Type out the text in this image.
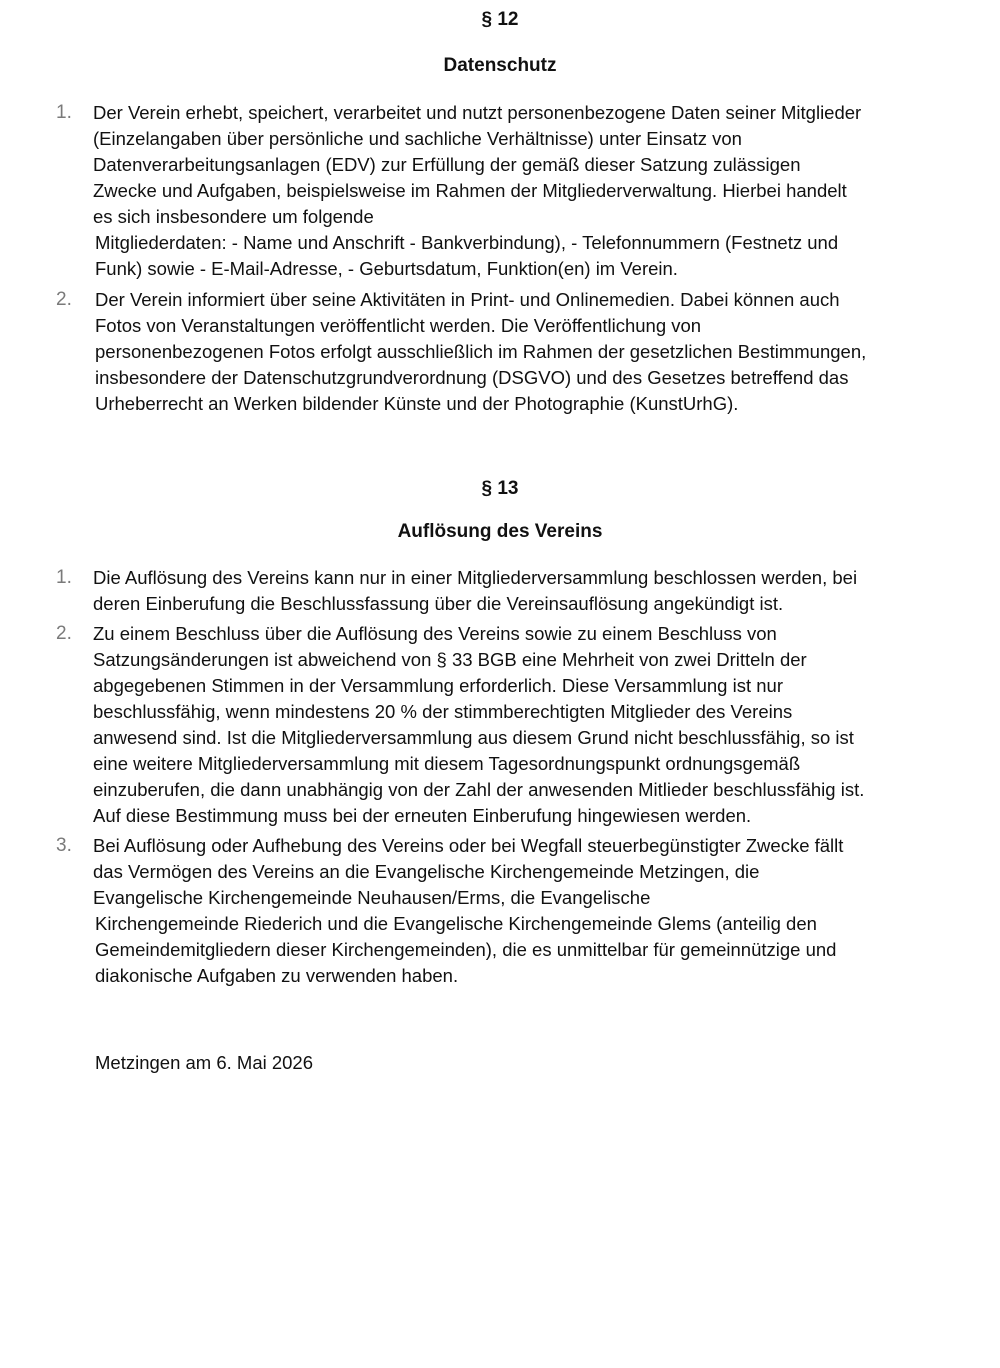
§ 12
Datenschutz
1.	Der Verein erhebt, speichert, verarbeitet und nutzt personenbezogene Daten seiner Mitglieder
(Einzelangaben über persönliche und sachliche Verhältnisse) unter Einsatz von
Datenverarbeitungsanlagen (EDV) zur Erfüllung der gemäß dieser Satzung zulässigen
Zwecke und Aufgaben, beispielsweise im Rahmen der Mitgliederverwaltung. Hierbei handelt
es sich insbesondere um folgende
Mitgliederdaten: - Name und Anschrift - Bankverbindung), - Telefonnummern (Festnetz und
Funk) sowie - E-Mail-Adresse, - Geburtsdatum, Funktion(en) im Verein.
2.	Der Verein informiert über seine Aktivitäten in Print- und Onlinemedien. Dabei können auch
Fotos von Veranstaltungen veröffentlicht werden. Die Veröffentlichung von
personenbezogenen Fotos erfolgt ausschließlich im Rahmen der gesetzlichen Bestimmungen,
insbesondere der Datenschutzgrundverordnung (DSGVO) und des Gesetzes betreffend das
Urheberrecht an Werken bildender Künste und der Photographie (KunstUrhG).
§ 13
Auflösung des Vereins
1.	Die Auflösung des Vereins kann nur in einer Mitgliederversammlung beschlossen werden, bei
deren Einberufung die Beschlussfassung über die Vereinsauflösung angekündigt ist.
2.	Zu einem Beschluss über die Auflösung des Vereins sowie zu einem Beschluss von
Satzungsänderungen ist abweichend von § 33 BGB eine Mehrheit von zwei Dritteln der
abgegebenen Stimmen in der Versammlung erforderlich. Diese Versammlung ist nur
beschlussfähig, wenn mindestens 20 % der stimmberechtigten Mitglieder des Vereins
anwesend sind. Ist die Mitgliederversammlung aus diesem Grund nicht beschlussfähig, so ist
eine weitere Mitgliederversammlung mit diesem Tagesordnungspunkt ordnungsgemäß
einzuberufen, die dann unabhängig von der Zahl der anwesenden Mitlieder beschlussfähig ist.
Auf diese Bestimmung muss bei der erneuten Einberufung hingewiesen werden.
3.	Bei Auflösung oder Aufhebung des Vereins oder bei Wegfall steuerbegünstigter Zwecke fällt
das Vermögen des Vereins an die Evangelische Kirchengemeinde Metzingen, die
Evangelische Kirchengemeinde Neuhausen/Erms, die Evangelische
Kirchengemeinde Riederich und die Evangelische Kirchengemeinde Glems (anteilig den
Gemeindemitgliedern dieser Kirchengemeinden), die es unmittelbar für gemeinnützige und
diakonische Aufgaben zu verwenden haben.
Metzingen am 6. Mai 2026
